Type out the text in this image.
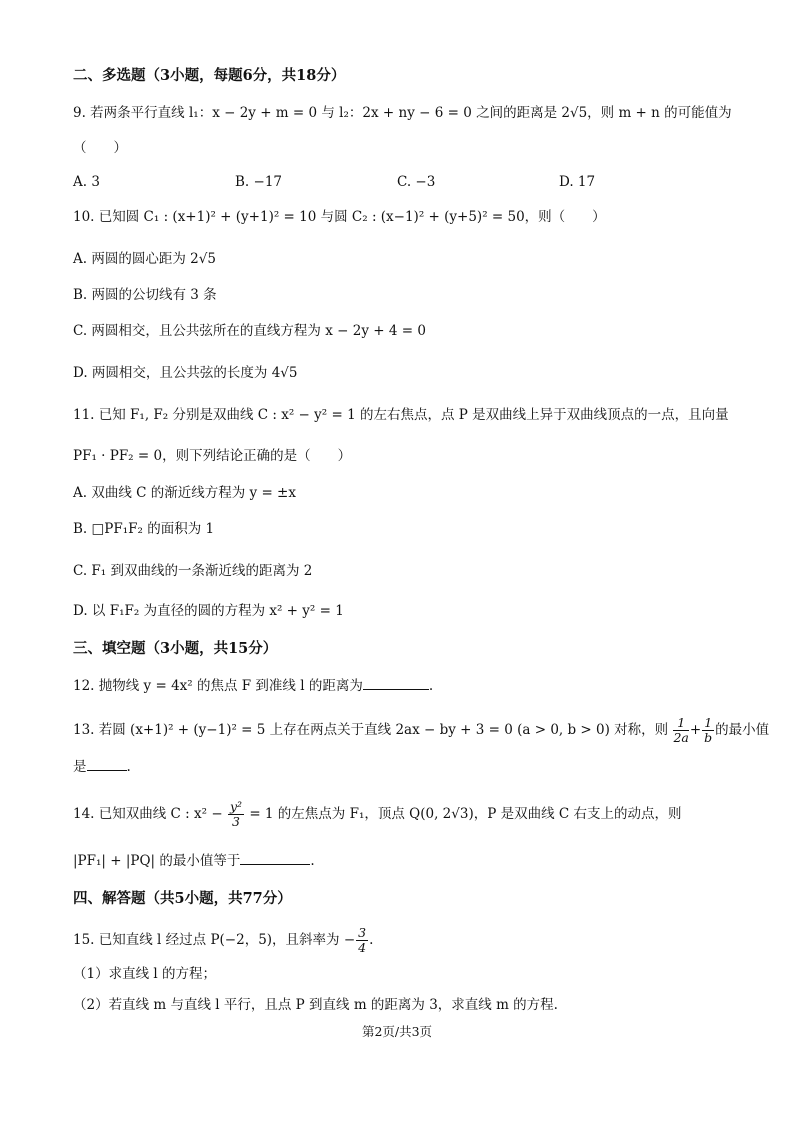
二、多选题（3小题，每题6分，共18分）
9. 若两条平行直线 l₁：x − 2y + m = 0 与 l₂：2x + ny − 6 = 0 之间的距离是 2√5，则 m + n 的可能值为
（　　）
A. 3	B. −17	C. −3	D. 17
10. 已知圆 C₁ : (x+1)² + (y+1)² = 10 与圆 C₂ : (x−1)² + (y+5)² = 50，则（　　）
A. 两圆的圆心距为 2√5
B. 两圆的公切线有 3 条
C. 两圆相交，且公共弦所在的直线方程为 x − 2y + 4 = 0
D. 两圆相交，且公共弦的长度为 4√5
11. 已知 F₁, F₂ 分别是双曲线 C : x² − y² = 1 的左右焦点，点 P 是双曲线上异于双曲线顶点的一点，且向量
PF₁ · PF₂ = 0，则下列结论正确的是（　　）
A. 双曲线 C 的渐近线方程为 y = ±x
B. □PF₁F₂ 的面积为 1
C. F₁ 到双曲线的一条渐近线的距离为 2
D. 以 F₁F₂ 为直径的圆的方程为 x² + y² = 1
三、填空题（3小题，共15分）
12. 抛物线 y = 4x² 的焦点 F 到准线 l 的距离为	.
13. 若圆 (x+1)² + (y−1)² = 5 上存在两点关于直线 2ax − by + 3 = 0 (a > 0, b > 0) 对称，则 $\frac{1}{2a} + \frac{1}{b}$ 的最小值
是	.
14. 已知双曲线 C : $x^2 - \frac{\text{y²}}{3} = 1$ 的左焦点为 F₁，顶点 Q(0, 2√3)，P 是双曲线 C 右支上的动点，则
|PF₁| + |PQ| 的最小值等于	.
四、解答题（共5小题，共77分）
15. 已知直线 l 经过点 P(−2，5)，且斜率为 − $\frac{3}{4}$ .
（1）求直线 l 的方程；
（2）若直线 m 与直线 l 平行，且点 P 到直线 m 的距离为 3，求直线 m 的方程.
第2页/共3页
